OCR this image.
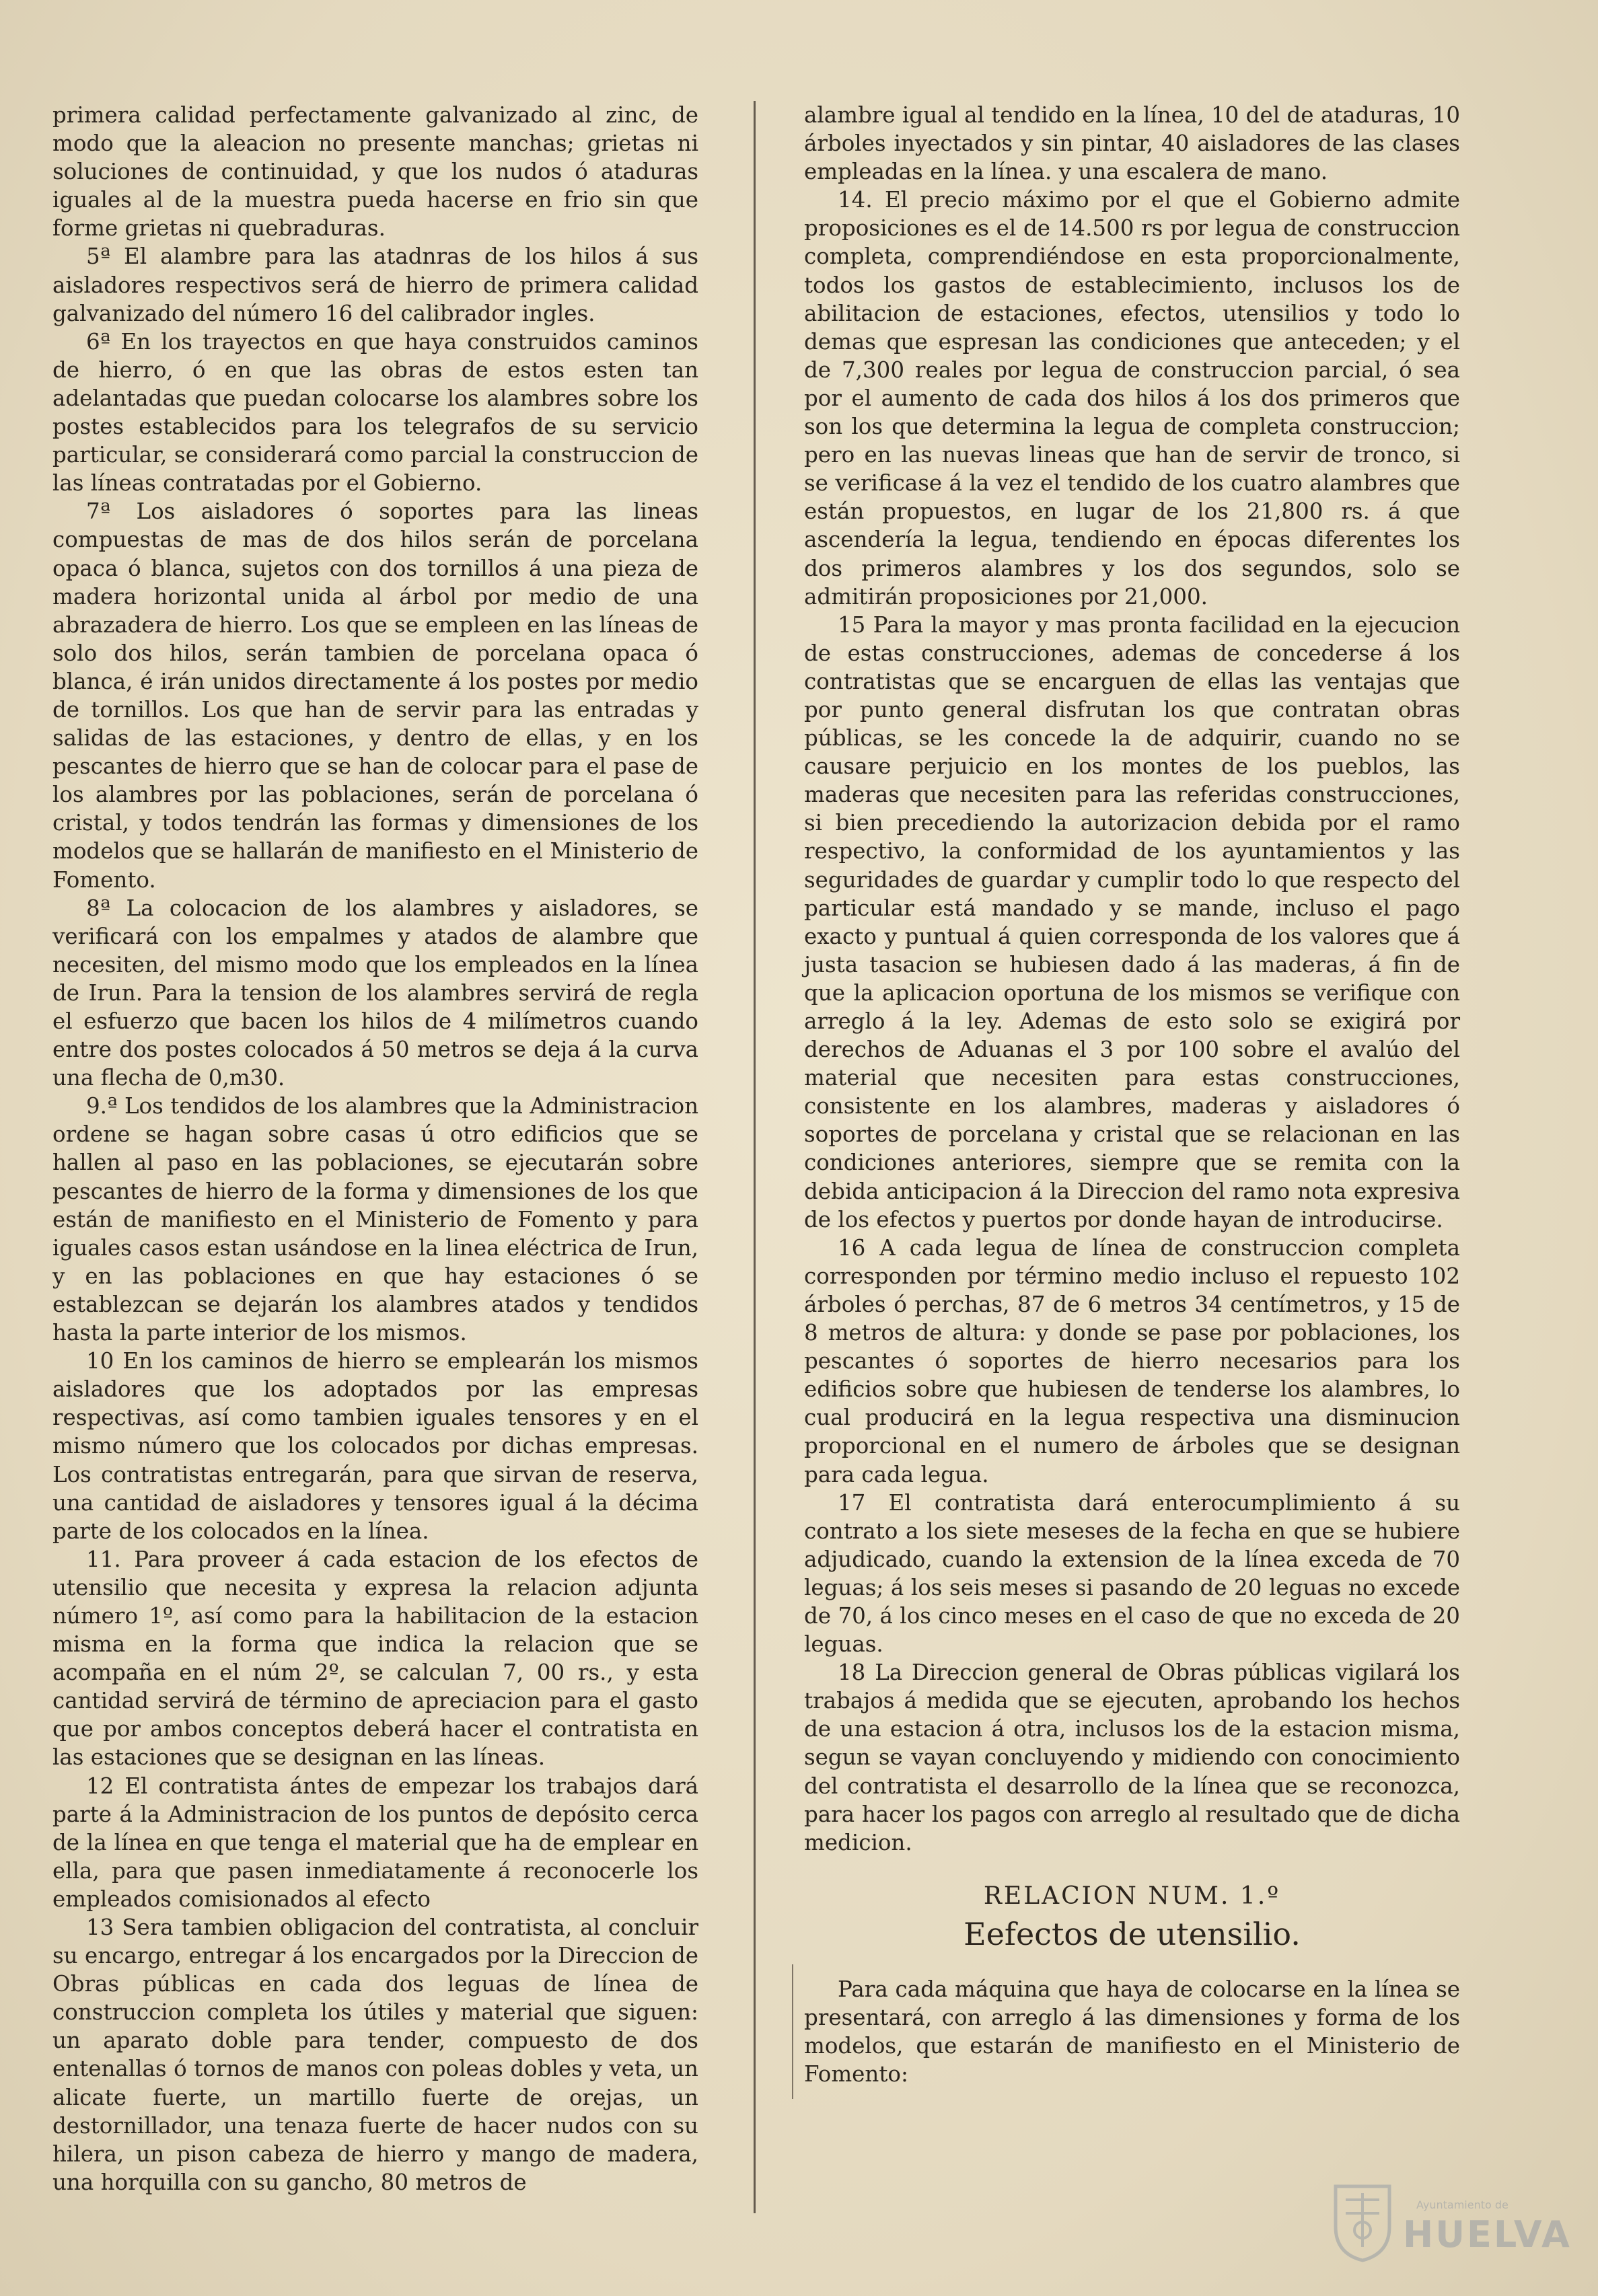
primera calidad perfectamente galvanizado al zinc, de modo que la aleacion no presente manchas; grietas ni soluciones de continuidad, y que los nudos ó ataduras iguales al de la muestra pueda hacerse en frio sin que forme grietas ni quebraduras.

5ª El alambre para las atadnras de los hilos á sus aisladores respectivos será de hierro de primera calidad galvanizado del número 16 del calibrador ingles.

6ª En los trayectos en que haya construidos caminos de hierro, ó en que las obras de estos esten tan adelantadas que puedan colocarse los alambres sobre los postes establecidos para los telegrafos de su servicio particular, se considerará como parcial la construccion de las líneas contratadas por el Gobierno.

7ª Los aisladores ó soportes para las lineas compuestas de mas de dos hilos serán de porcelana opaca ó blanca, sujetos con dos tornillos á una pieza de madera horizontal unida al árbol por medio de una abrazadera de hierro. Los que se empleen en las líneas de solo dos hilos, serán tambien de porcelana opaca ó blanca, é irán unidos directamente á los postes por medio de tornillos. Los que han de servir para las entradas y salidas de las estaciones, y dentro de ellas, y en los pescantes de hierro que se han de colocar para el pase de los alambres por las poblaciones, serán de porcelana ó cristal, y todos tendrán las formas y dimensiones de los modelos que se hallarán de manifiesto en el Ministerio de Fomento.

8ª La colocacion de los alambres y aisladores, se verificará con los empalmes y atados de alambre que necesiten, del mismo modo que los empleados en la línea de Irun. Para la tension de los alambres servirá de regla el esfuerzo que bacen los hilos de 4 milímetros cuando entre dos postes colocados á 50 metros se deja á la curva una flecha de 0,m30.

9.ª Los tendidos de los alambres que la Administracion ordene se hagan sobre casas ú otro edificios que se hallen al paso en las poblaciones, se ejecutarán sobre pescantes de hierro de la forma y dimensiones de los que están de manifiesto en el Ministerio de Fomento y para iguales casos estan usándose en la linea eléctrica de Irun, y en las poblaciones en que hay estaciones ó se establezcan se dejarán los alambres atados y tendidos hasta la parte interior de los mismos.

10 En los caminos de hierro se emplearán los mismos aisladores que los adoptados por las empresas respectivas, así como tambien iguales tensores y en el mismo número que los colocados por dichas empresas. Los contratistas entregarán, para que sirvan de reserva, una cantidad de aisladores y tensores igual á la décima parte de los colocados en la línea.

11. Para proveer á cada estacion de los efectos de utensilio que necesita y expresa la relacion adjunta número 1º, así como para la habilitacion de la estacion misma en la forma que indica la relacion que se acompaña en el núm 2º, se calculan 7, 00 rs., y esta cantidad servirá de término de apreciacion para el gasto que por ambos conceptos deberá hacer el contratista en las estaciones que se designan en las líneas.

12 El contratista ántes de empezar los trabajos dará parte á la Administracion de los puntos de depósito cerca de la línea en que tenga el material que ha de emplear en ella, para que pasen inmediatamente á reconocerle los empleados comisionados al efecto

13 Sera tambien obligacion del contratista, al concluir su encargo, entregar á los encargados por la Direccion de Obras públicas en cada dos leguas de línea de construccion completa los útiles y material que siguen: un aparato doble para tender, compuesto de dos entenallas ó tornos de manos con poleas dobles y veta, un alicate fuerte, un martillo fuerte de orejas, un destornillador, una tenaza fuerte de hacer nudos con su hilera, un pison cabeza de hierro y mango de madera, una horquilla con su gancho, 80 metros de

alambre igual al tendido en la línea, 10 del de ataduras, 10 árboles inyectados y sin pintar, 40 aisladores de las clases empleadas en la línea. y una escalera de mano.

14. El precio máximo por el que el Gobierno admite proposiciones es el de 14.500 rs por legua de construccion completa, comprendiéndose en esta proporcionalmente, todos los gastos de establecimiento, inclusos los de abilitacion de estaciones, efectos, utensilios y todo lo demas que espresan las condiciones que anteceden; y el de 7,300 reales por legua de construccion parcial, ó sea por el aumento de cada dos hilos á los dos primeros que son los que determina la legua de completa construccion; pero en las nuevas lineas que han de servir de tronco, si se verificase á la vez el tendido de los cuatro alambres que están propuestos, en lugar de los 21,800 rs. á que ascendería la legua, tendiendo en épocas diferentes los dos primeros alambres y los dos segundos, solo se admitirán proposiciones por 21,000.

15 Para la mayor y mas pronta facilidad en la ejecucion de estas construcciones, ademas de concederse á los contratistas que se encarguen de ellas las ventajas que por punto general disfrutan los que contratan obras públicas, se les concede la de adquirir, cuando no se causare perjuicio en los montes de los pueblos, las maderas que necesiten para las referidas construcciones, si bien precediendo la autorizacion debida por el ramo respectivo, la conformidad de los ayuntamientos y las seguridades de guardar y cumplir todo lo que respecto del particular está mandado y se mande, incluso el pago exacto y puntual á quien corresponda de los valores que á justa tasacion se hubiesen dado á las maderas, á fin de que la aplicacion oportuna de los mismos se verifique con arreglo á la ley. Ademas de esto solo se exigirá por derechos de Aduanas el 3 por 100 sobre el avalúo del material que necesiten para estas construcciones, consistente en los alambres, maderas y aisladores ó soportes de porcelana y cristal que se relacionan en las condiciones anteriores, siempre que se remita con la debida anticipacion á la Direccion del ramo nota expresiva de los efectos y puertos por donde hayan de introducirse.

16 A cada legua de línea de construccion completa corresponden por término medio incluso el repuesto 102 árboles ó perchas, 87 de 6 metros 34 centímetros, y 15 de 8 metros de altura: y donde se pase por poblaciones, los pescantes ó soportes de hierro necesarios para los edificios sobre que hubiesen de tenderse los alambres, lo cual producirá en la legua respectiva una disminucion proporcional en el numero de árboles que se designan para cada legua.

17 El contratista dará enterocumplimiento á su contrato a los siete meseses de la fecha en que se hubiere adjudicado, cuando la extension de la línea exceda de 70 leguas; á los seis meses si pasando de 20 leguas no excede de 70, á los cinco meses en el caso de que no exceda de 20 leguas.

18 La Direccion general de Obras públicas vigilará los trabajos á medida que se ejecuten, aprobando los hechos de una estacion á otra, inclusos los de la estacion misma, segun se vayan concluyendo y midiendo con conocimiento del contratista el desarrollo de la línea que se reconozca, para hacer los pagos con arreglo al resultado que de dicha medicion.

RELACION NUM. 1.º
Eefectos de utensilio.

Para cada máquina que haya de colocarse en la línea se presentará, con arreglo á las dimensiones y forma de los modelos, que estarán de manifiesto en el Ministerio de Fomento:

Ayuntamiento de
HUELVA
